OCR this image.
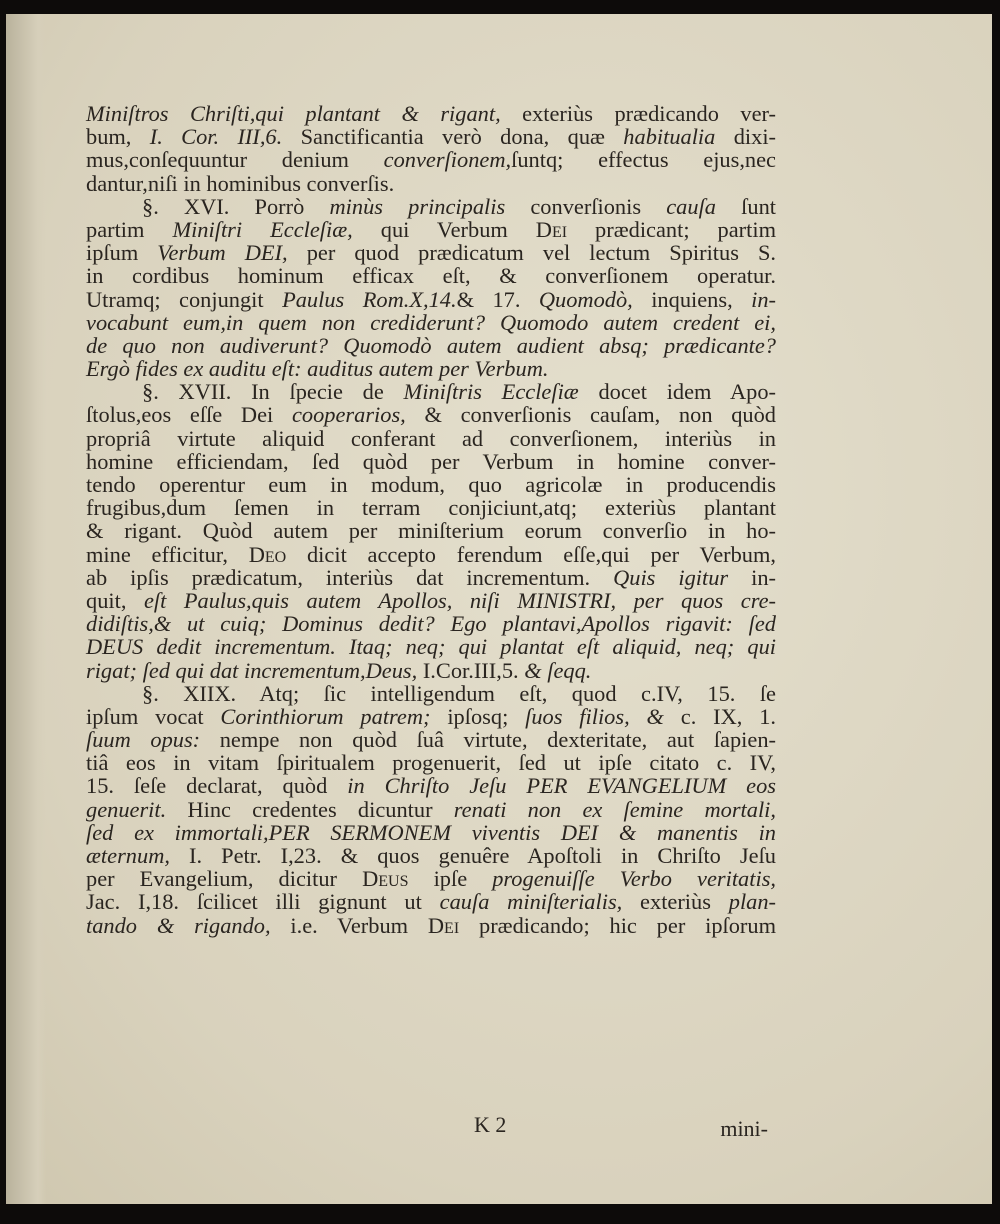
Miniſtros Chriſti,qui plantant & rigant, exteriùs prædicando ver-
bum, I. Cor. III,6. Sanctificantia verò dona, quæ habitualia dixi-
mus,conſequuntur denium converſionem,ſuntq; effectus ejus,nec
dantur,niſi in hominibus converſis.
§. XVI. Porrò minùs principalis converſionis cauſa ſunt
partim Miniſtri Eccleſiæ, qui Verbum Dei prædicant; partim
ipſum Verbum DEI, per quod prædicatum vel lectum Spiritus S.
in cordibus hominum efficax eſt, & converſionem operatur.
Utramq; conjungit Paulus Rom.X,14.& 17. Quomodò, inquiens, in-
vocabunt eum,in quem non crediderunt? Quomodo autem credent ei,
de quo non audiverunt? Quomodò autem audient absq; prædicante?
Ergò fides ex auditu eſt: auditus autem per Verbum.
§. XVII. In ſpecie de Miniſtris Eccleſiæ docet idem Apo-
ſtolus,eos eſſe Dei cooperarios, & converſionis cauſam, non quòd
propriâ virtute aliquid conferant ad converſionem, interiùs in
homine efficiendam, ſed quòd per Verbum in homine conver-
tendo operentur eum in modum, quo agricolæ in producendis
frugibus,dum ſemen in terram conjiciunt,atq; exteriùs plantant
& rigant. Quòd autem per miniſterium eorum converſio in ho-
mine efficitur, Deo dicit accepto ferendum eſſe,qui per Verbum,
ab ipſis prædicatum, interiùs dat incrementum. Quis igitur in-
quit, eſt Paulus,quis autem Apollos, niſi MINISTRI, per quos cre-
didiſtis,& ut cuiq; Dominus dedit? Ego plantavi,Apollos rigavit: ſed
DEUS dedit incrementum. Itaq; neq; qui plantat eſt aliquid, neq; qui
rigat; ſed qui dat incrementum,Deus, I.Cor.III,5. & ſeqq.
§. XIIX. Atq; ſic intelligendum eſt, quod c.IV, 15. ſe
ipſum vocat Corinthiorum patrem; ipſosq; ſuos filios, & c. IX, 1.
ſuum opus: nempe non quòd ſuâ virtute, dexteritate, aut ſapien-
tiâ eos in vitam ſpiritualem progenuerit, ſed ut ipſe citato c. IV,
15. ſeſe declarat, quòd in Chriſto Jeſu PER EVANGELIUM eos
genuerit. Hinc credentes dicuntur renati non ex ſemine mortali,
ſed ex immortali,PER SERMONEM viventis DEI & manentis in
æternum, I. Petr. I,23. & quos genuêre Apoſtoli in Chriſto Jeſu
per Evangelium, dicitur Deus ipſe progenuiſſe Verbo veritatis,
Jac. I,18. ſcilicet illi gignunt ut cauſa miniſterialis, exteriùs plan-
tando & rigando, i.e. Verbum Dei prædicando; hic per ipſorum
K 2	mini-
